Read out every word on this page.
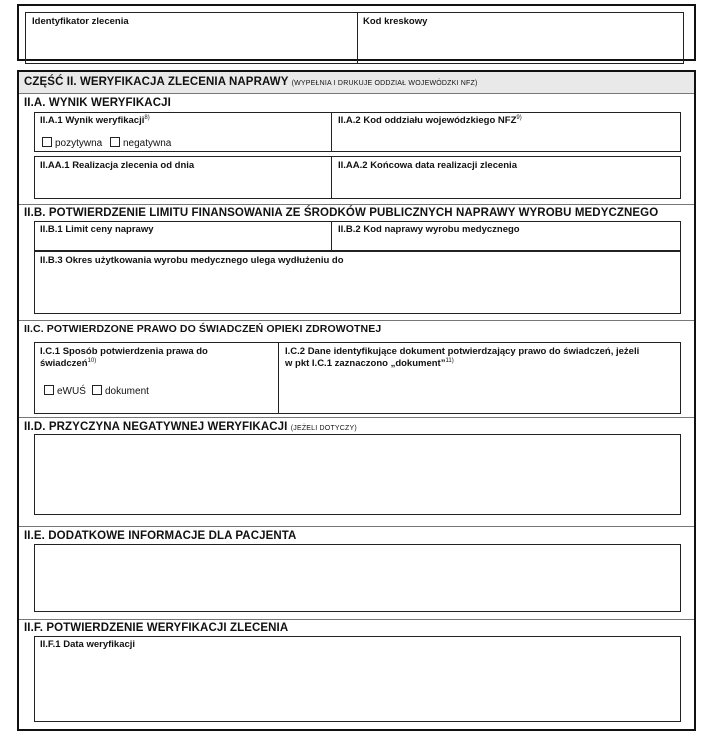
Identyfikator zlecenia	Kod kreskowy
CZĘŚĆ II. WERYFIKACJA ZLECENIA NAPRAWY (WYPEŁNIA I DRUKUJE ODDZIAŁ WOJEWÓDZKI NFZ)
II.A. WYNIK WERYFIKACJI
II.A.1 Wynik weryfikacji$^{8)}$
pozytywna	negatywna
II.A.2 Kod oddziału wojewódzkiego NFZ$^{9)}$
II.AA.1 Realizacja zlecenia od dnia	II.AA.2 Końcowa data realizacji zlecenia
II.B. POTWIERDZENIE LIMITU FINANSOWANIA ZE ŚRODKÓW PUBLICZNYCH NAPRAWY WYROBU MEDYCZNEGO
II.B.1 Limit ceny naprawy	II.B.2 Kod naprawy wyrobu medycznego
II.B.3 Okres użytkowania wyrobu medycznego ulega wydłużeniu do
II.C. POTWIERDZONE PRAWO DO ŚWIADCZEŃ OPIEKI ZDROWOTNEJ
I.C.1 Sposób potwierdzenia prawa do
świadczeń$^{10)}$
eWUŚ	dokument
I.C.2 Dane identyfikujące dokument potwierdzający prawo do świadczeń, jeżeli
w pkt I.C.1 zaznaczono „dokument”$^{11)}$
II.D. PRZYCZYNA NEGATYWNEJ WERYFIKACJI (JEŻELI DOTYCZY)
II.E. DODATKOWE INFORMACJE DLA PACJENTA
II.F. POTWIERDZENIE WERYFIKACJI ZLECENIA
II.F.1 Data weryfikacji
